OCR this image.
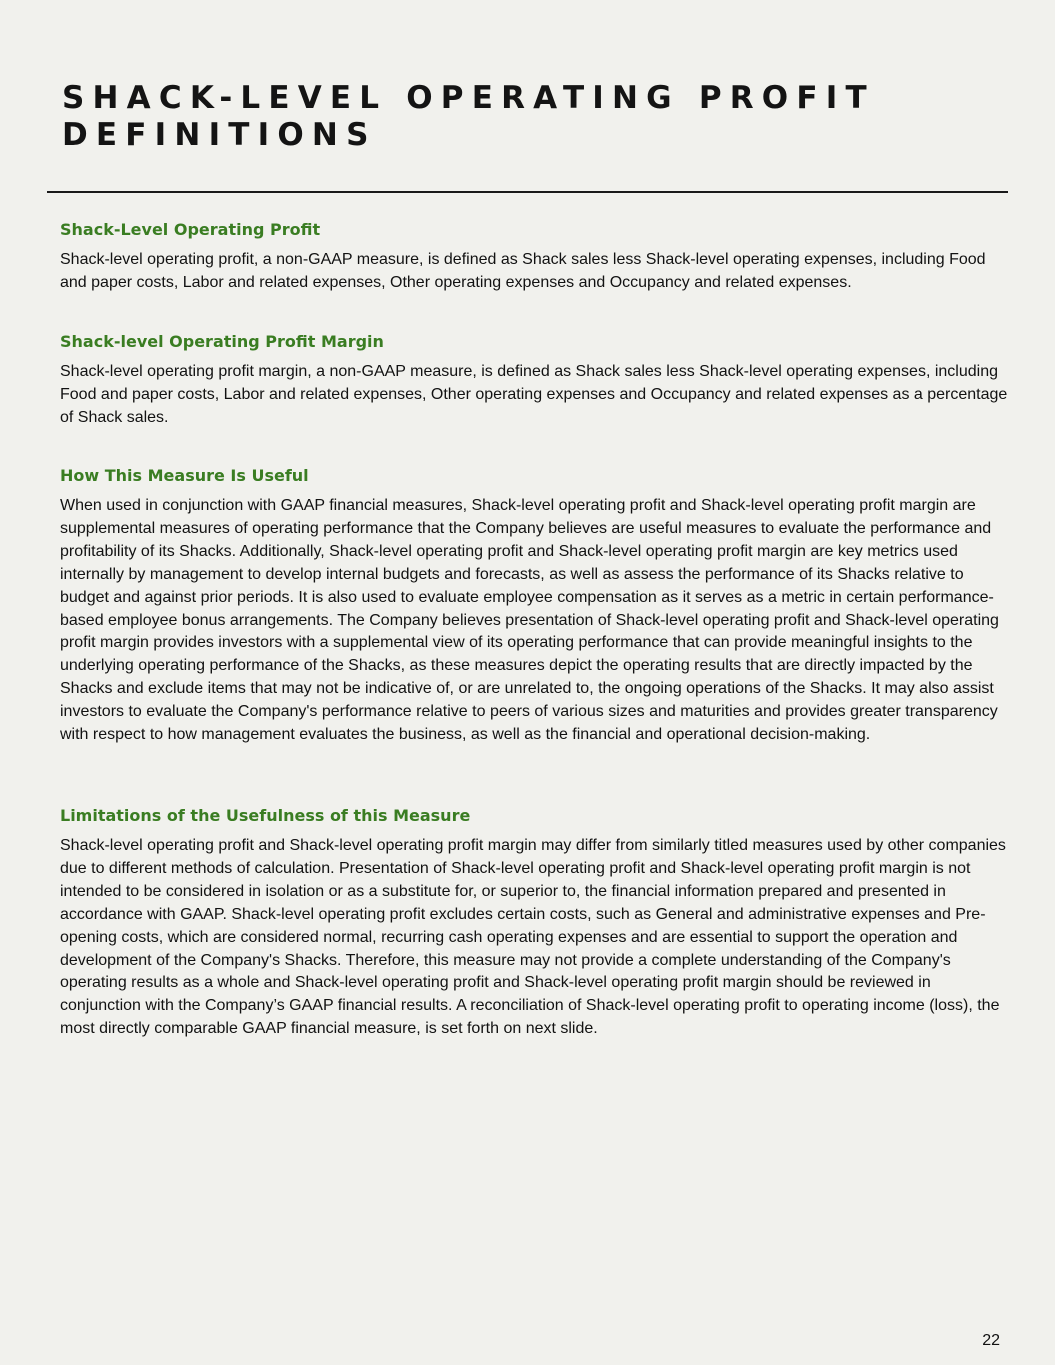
SHACK-LEVEL OPERATING PROFIT DEFINITIONS
Shack-Level Operating Profit

Shack-level operating profit, a non-GAAP measure, is defined as Shack sales less Shack-level operating expenses, including Food and paper costs, Labor and related expenses, Other operating expenses and Occupancy and related expenses.

Shack-level Operating Profit Margin

Shack-level operating profit margin, a non-GAAP measure, is defined as Shack sales less Shack-level operating expenses, including Food and paper costs, Labor and related expenses, Other operating expenses and Occupancy and related expenses as a percentage of Shack sales.

How This Measure Is Useful

When used in conjunction with GAAP financial measures, Shack-level operating profit and Shack-level operating profit margin are supplemental measures of operating performance that the Company believes are useful measures to evaluate the performance and profitability of its Shacks. Additionally, Shack-level operating profit and Shack-level operating profit margin are key metrics used internally by management to develop internal budgets and forecasts, as well as assess the performance of its Shacks relative to budget and against prior periods. It is also used to evaluate employee compensation as it serves as a metric in certain performance-based employee bonus arrangements. The Company believes presentation of Shack-level operating profit and Shack-level operating profit margin provides investors with a supplemental view of its operating performance that can provide meaningful insights to the underlying operating performance of the Shacks, as these measures depict the operating results that are directly impacted by the Shacks and exclude items that may not be indicative of, or are unrelated to, the ongoing operations of the Shacks. It may also assist investors to evaluate the Company's performance relative to peers of various sizes and maturities and provides greater transparency with respect to how management evaluates the business, as well as the financial and operational decision-making.

Limitations of the Usefulness of this Measure

Shack-level operating profit and Shack-level operating profit margin may differ from similarly titled measures used by other companies due to different methods of calculation. Presentation of Shack-level operating profit and Shack-level operating profit margin is not intended to be considered in isolation or as a substitute for, or superior to, the financial information prepared and presented in accordance with GAAP. Shack-level operating profit excludes certain costs, such as General and administrative expenses and Pre-opening costs, which are considered normal, recurring cash operating expenses and are essential to support the operation and development of the Company's Shacks. Therefore, this measure may not provide a complete understanding of the Company's operating results as a whole and Shack-level operating profit and Shack-level operating profit margin should be reviewed in conjunction with the Company’s GAAP financial results. A reconciliation of Shack-level operating profit to operating income (loss), the most directly comparable GAAP financial measure, is set forth on next slide.

22
